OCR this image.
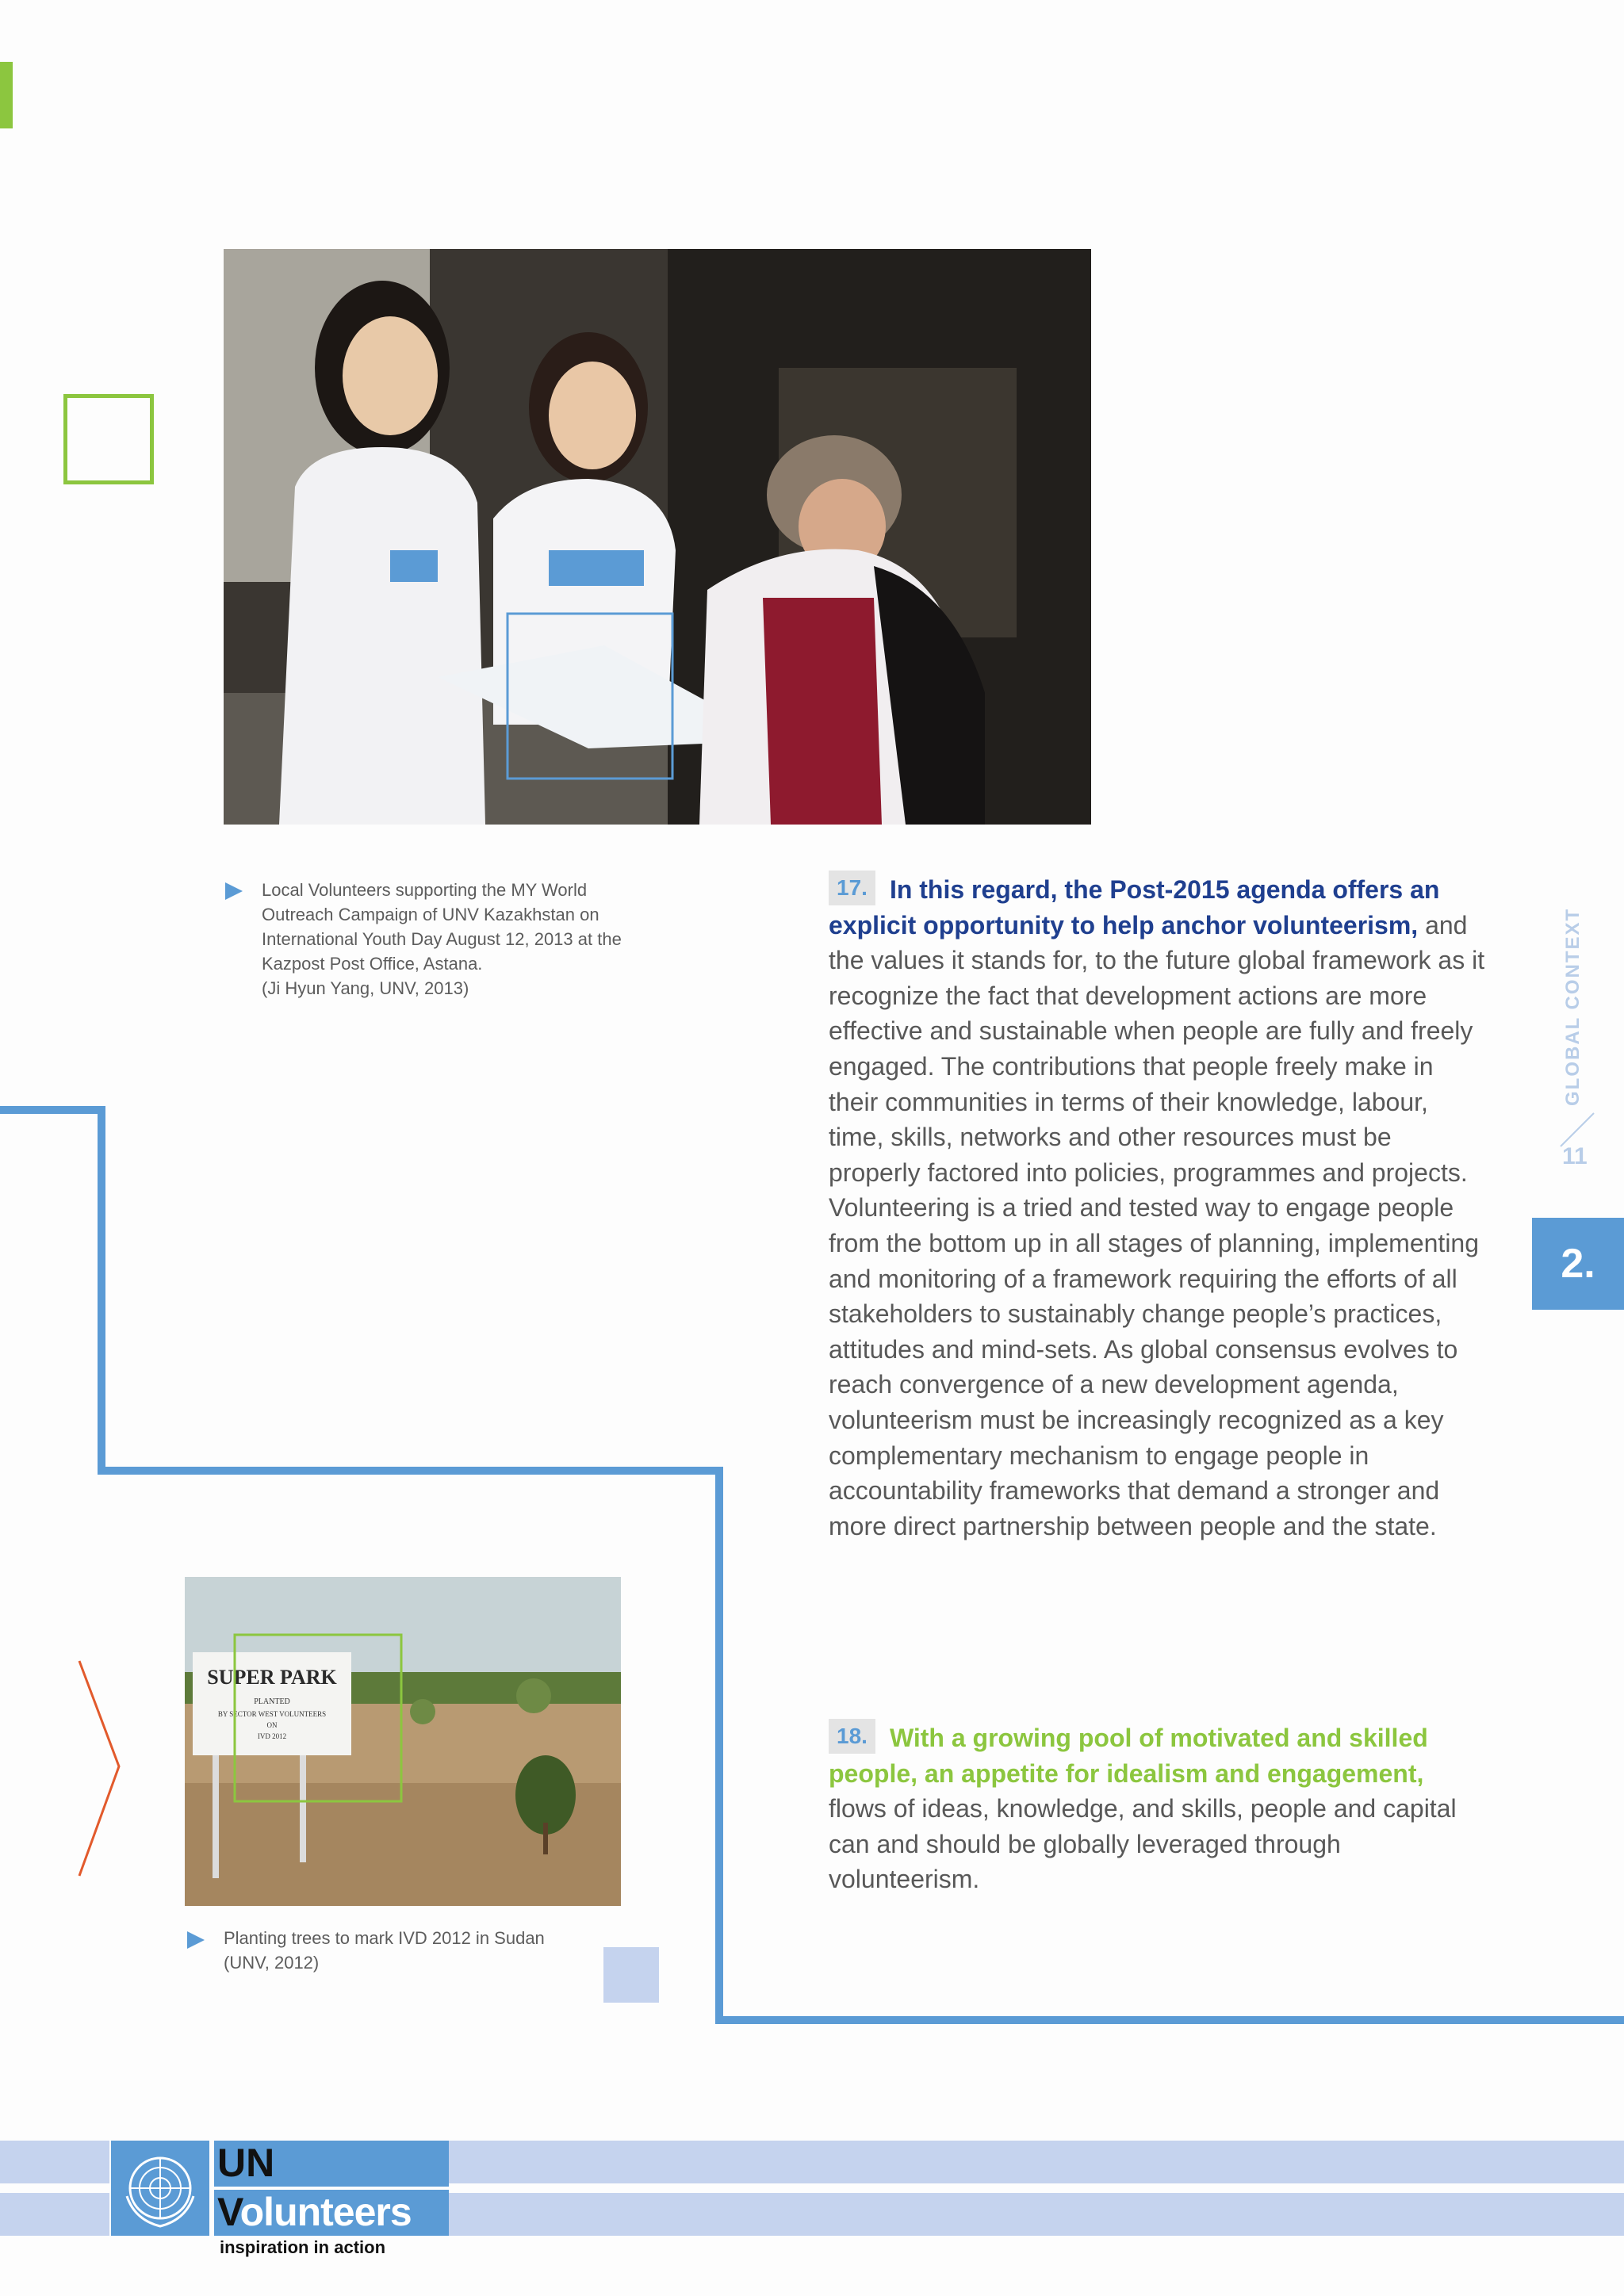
Local Volunteers supporting the MY World Outreach Campaign of UNV Kazakhstan on International Youth Day August 12, 2013 at the Kazpost Post Office, Astana.
(Ji Hyun Yang, UNV, 2013)
17. In this regard, the Post-2015 agenda offers an explicit opportunity to help anchor volunteerism, and the values it stands for, to the future global framework as it recognize the fact that development actions are more effective and sustainable when people are fully and freely engaged. The contributions that people freely make in their communities in terms of their knowledge, labour, time, skills, networks and other resources must be properly factored into policies, programmes and projects. Volunteering is a tried and tested way to engage people from the bottom up in all stages of planning, implementing and monitoring of a framework requiring the efforts of all stakeholders to sustainably change people’s practices, attitudes and mind-sets. As global consensus evolves to reach convergence of a new development agenda, volunteerism must be increasingly recognized as a key complementary mechanism to engage people in accountability frameworks that demand a stronger and more direct partnership between people and the state.
GLOBAL CONTEXT
11
2.
SUPER PARK
PLANTED
BY SECTOR WEST VOLUNTEERS
ON
IVD 2012
Planting trees to mark IVD 2012 in Sudan
(UNV, 2012)
18. With a growing pool of motivated and skilled people, an appetite for idealism and engagement, flows of ideas, knowledge, and skills, people and capital can and should be globally leveraged through volunteerism.
UN
Volunteers
inspiration in action
